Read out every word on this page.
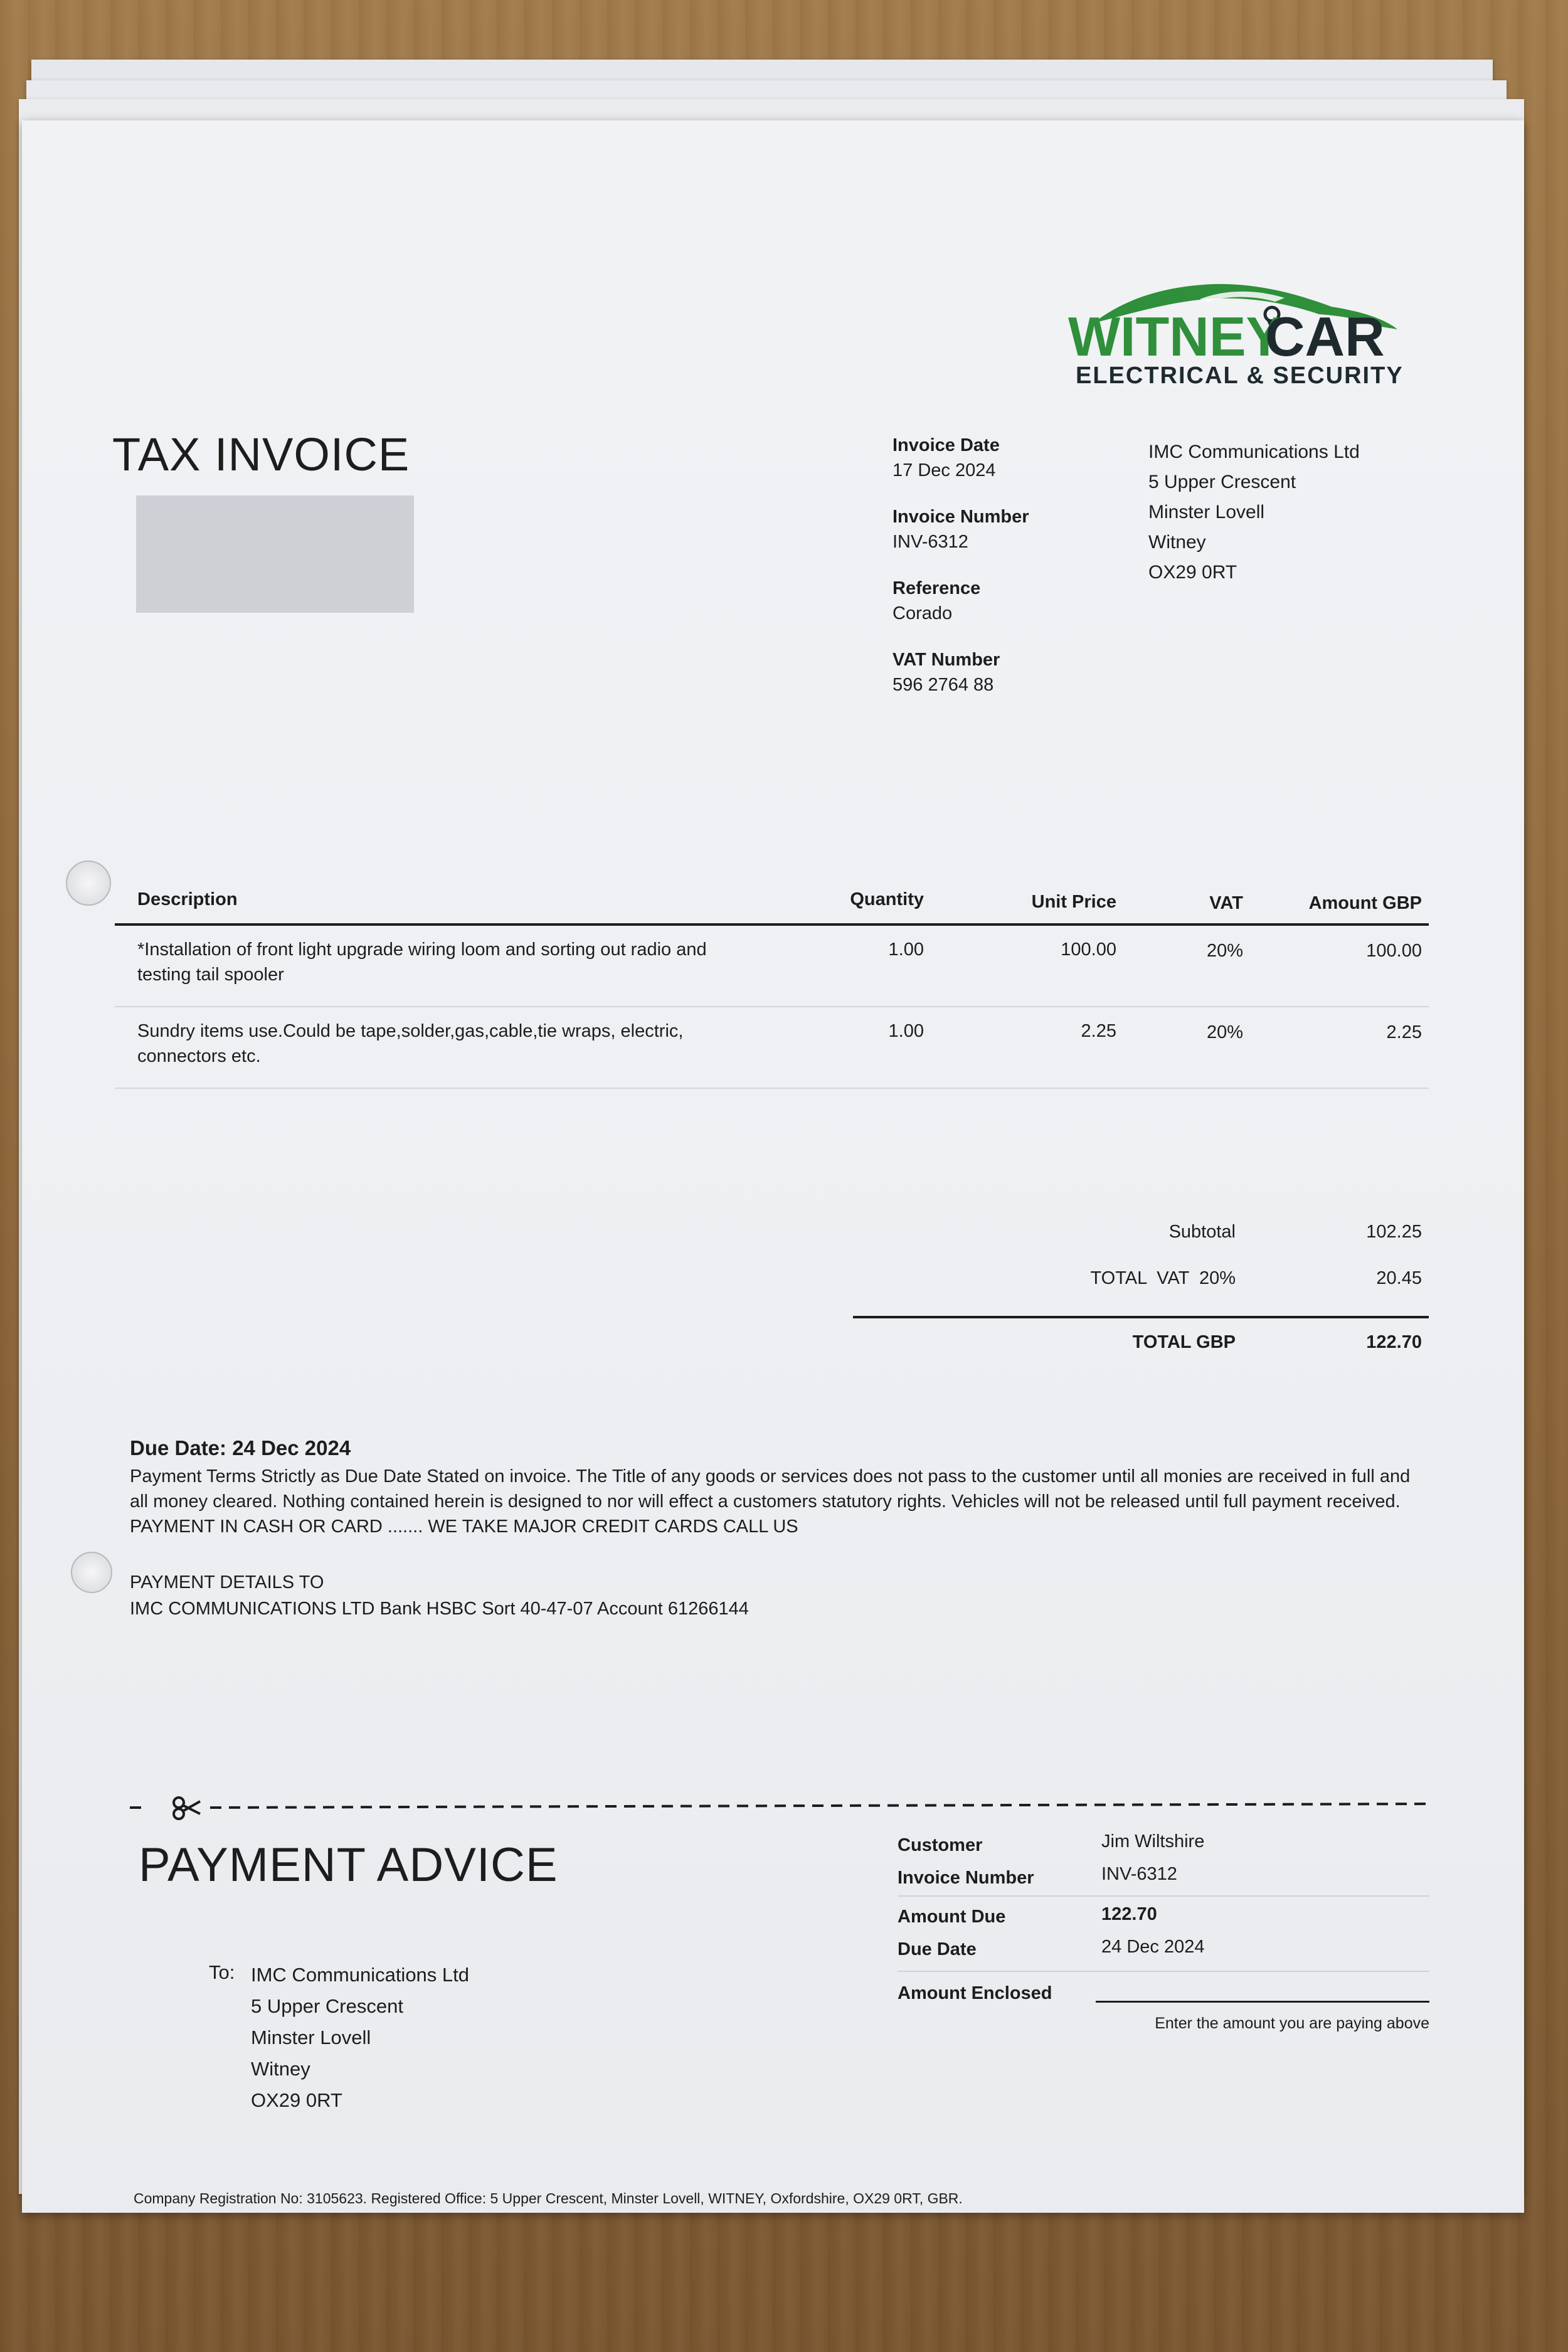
WITNEY
CAR
ELECTRICAL & SECURITY
TAX INVOICE	Invoice Date
17 Dec 2024
Invoice Number
INV-6312
Reference
Corado
VAT Number
596 2764 88
IMC Communications Ltd
5 Upper Crescent
Minster Lovell
Witney
OX29 0RT
Description	Quantity	Unit Price	VAT	Amount GBP
*Installation of front light upgrade wiring loom and sorting out radio and testing tail spooler
1.00	100.00	20%	100.00
Sundry items use.Could be tape,solder,gas,cable,tie wraps, electric, connectors etc.
1.00	2.25	20%	2.25
Subtotal	102.25
TOTAL  VAT  20%	20.45
TOTAL GBP	122.70
Due Date: 24 Dec 2024
Payment Terms Strictly as Due Date Stated on invoice. The Title of any goods or services does not pass to the customer until all monies are received in full and all money cleared. Nothing contained herein is designed to nor will effect a customers statutory rights. Vehicles will not be released until full payment received. PAYMENT IN CASH OR CARD ....... WE TAKE MAJOR CREDIT CARDS CALL US
PAYMENT DETAILS TO
IMC COMMUNICATIONS LTD Bank HSBC Sort 40-47-07 Account 61266144
PAYMENT ADVICE
To: IMC Communications Ltd
5 Upper Crescent
Minster Lovell
Witney
OX29 0RT
Customer	Jim Wiltshire
Invoice Number	INV-6312
Amount Due	122.70
Due Date	24 Dec 2024
Amount Enclosed
Enter the amount you are paying above
Company Registration No: 3105623. Registered Office: 5 Upper Crescent, Minster Lovell, WITNEY, Oxfordshire, OX29 0RT, GBR.
